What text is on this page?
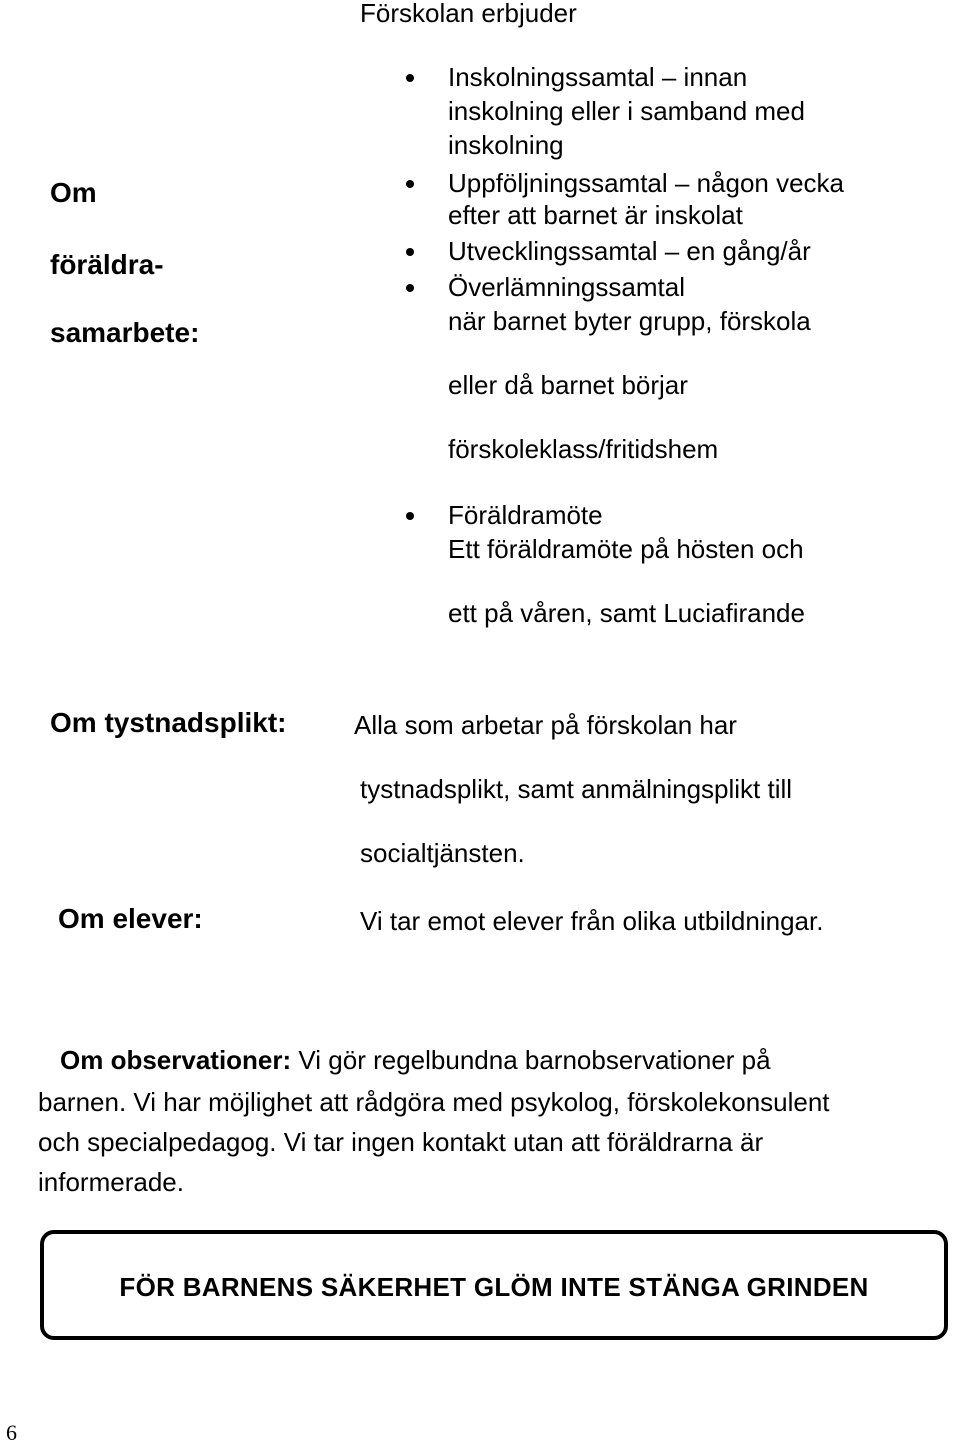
Förskolan erbjuder
Om
föräldra-
samarbete:
Inskolningssamtal – innan
inskolning eller i samband med
inskolning
Uppföljningssamtal – någon vecka
efter att barnet är inskolat
Utvecklingssamtal – en gång/år
Överlämningssamtal
när barnet byter grupp, förskola
eller då barnet börjar
förskoleklass/fritidshem
Föräldramöte
Ett föräldramöte på hösten och
ett på våren, samt Luciafirande
Om tystnadsplikt:	Alla som arbetar på förskolan har
tystnadsplikt, samt anmälningsplikt till
socialtjänsten.
Om elever:	Vi tar emot elever från olika utbildningar.
Om observationer: Vi gör regelbundna barnobservationer på
barnen. Vi har möjlighet att rådgöra med psykolog, förskolekonsulent
och specialpedagog. Vi tar ingen kontakt utan att föräldrarna är
informerade.
FÖR BARNENS SÄKERHET GLÖM INTE STÄNGA GRINDEN
6
